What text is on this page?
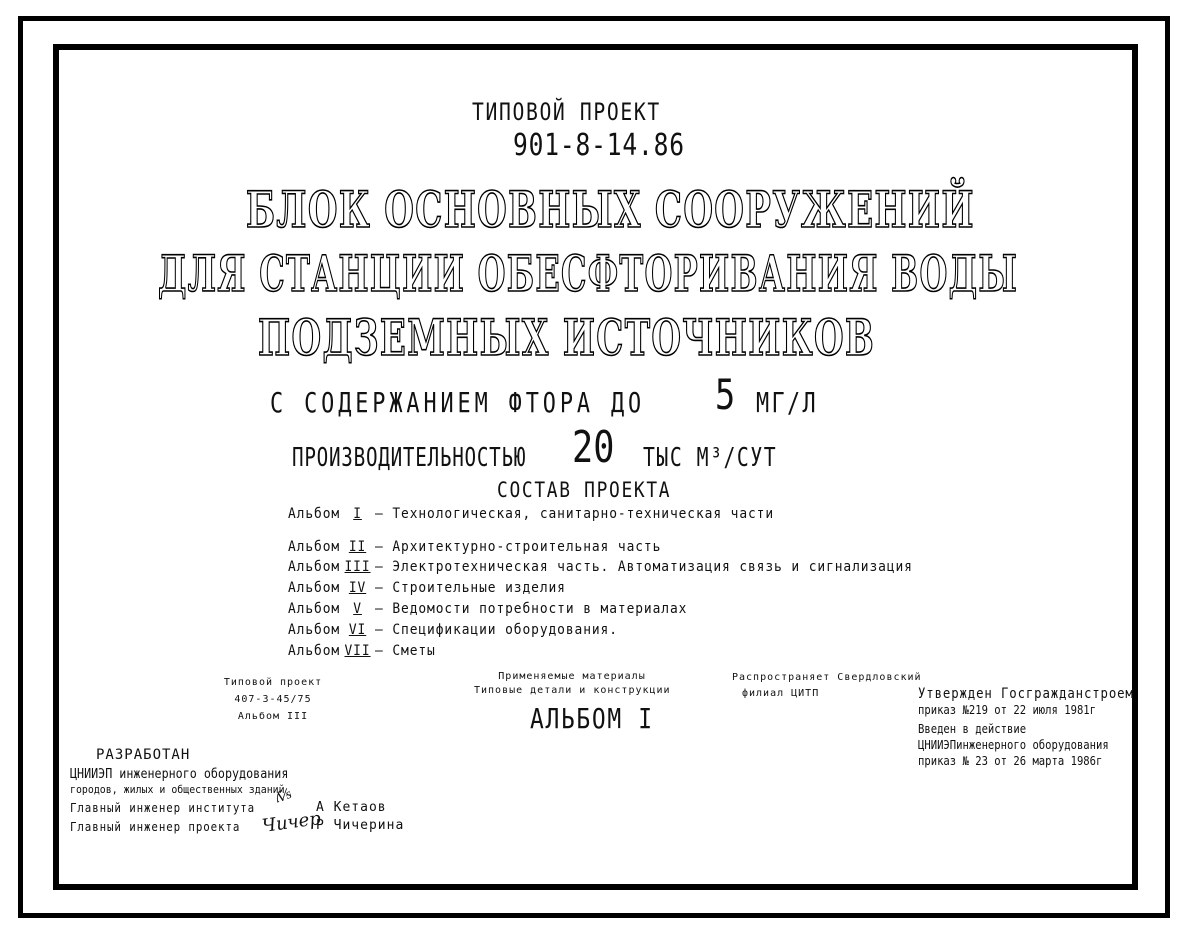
ТИПОВОЙ ПРОЕКТ
901-8-14.86
БЛОК ОСНОВНЫХ СООРУЖЕНИЙ
ДЛЯ СТАНЦИИ ОБЕСФТОРИВАНИЯ ВОДЫ
ПОДЗЕМНЫХ ИСТОЧНИКОВ
С СОДЕРЖАНИЕМ ФТОРА ДО 5 МГ/Л
ПРОИЗВОДИТЕЛЬНОСТЬЮ 20 ТЫС М³/СУТ
СОСТАВ ПРОЕКТА
Альбом I — Технологическая, санитарно-техническая части
Альбом II — Архитектурно-строительная часть
Альбом III — Электротехническая часть. Автоматизация связь и сигнализация
Альбом IV — Строительные изделия
Альбом V — Ведомости потребности в материалах
Альбом VI — Спецификации оборудования.
Альбом VII — Сметы
Типовой проект
407-3-45/75
Альбом III
Применяемые материалы
Типовые детали и конструкции
АЛЬБОМ I
Распространяет Свердловский
филиал ЦИТП	Утвержден Госгражданстроем
приказ №219 от 22 июля 1981г
Введен в действие
ЦНИИЭПинженерного оборудования
приказ № 23 от 26 марта 1986г
РАЗРАБОТАН
ЦНИИЭП инженерного оборудования
городов, жилых и общественных зданий
Главный инженер института
ʎ⁄ᵴ
А Кетаов
Главный инженер проекта Чичер
Р Чичерина
